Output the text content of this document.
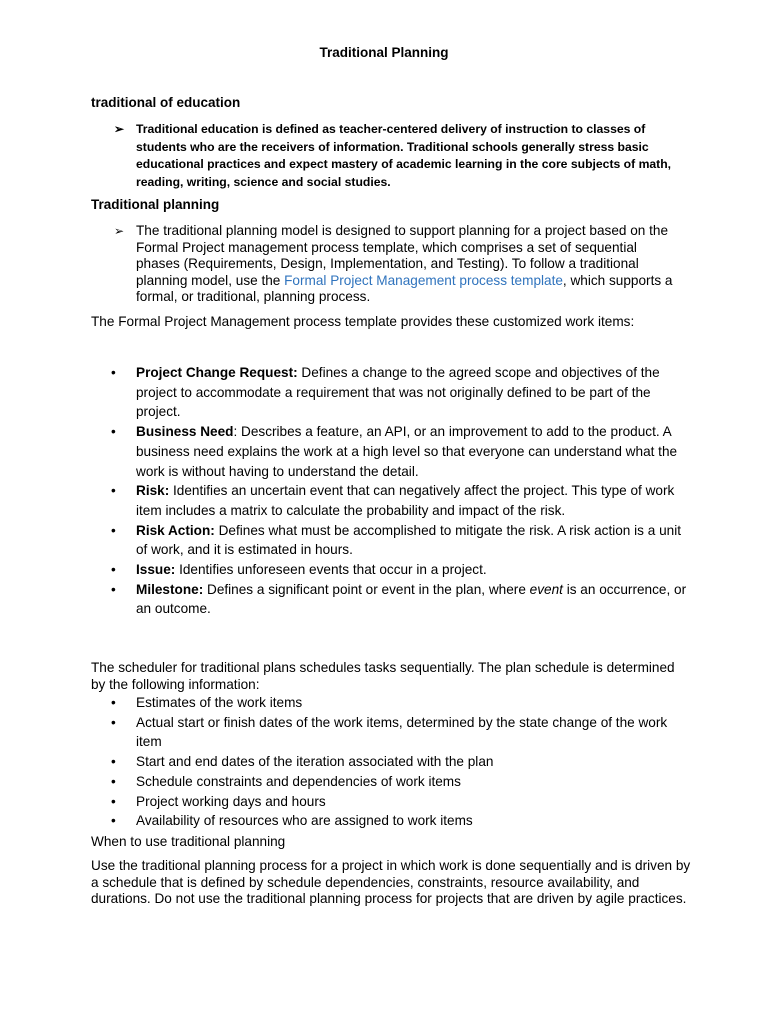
Traditional Planning
traditional of education
➢ Traditional education is defined as teacher-centered delivery of instruction to classes of students who are the receivers of information. Traditional schools generally stress basic educational practices and expect mastery of academic learning in the core subjects of math, reading, writing, science and social studies.
Traditional planning
➢ The traditional planning model is designed to support planning for a project based on the Formal Project management process template, which comprises a set of sequential phases (Requirements, Design, Implementation, and Testing). To follow a traditional planning model, use the Formal Project Management process template, which supports a formal, or traditional, planning process.
The Formal Project Management process template provides these customized work items:
• Project Change Request: Defines a change to the agreed scope and objectives of the project to accommodate a requirement that was not originally defined to be part of the project.
• Business Need: Describes a feature, an API, or an improvement to add to the product. A business need explains the work at a high level so that everyone can understand what the work is without having to understand the detail.
• Risk: Identifies an uncertain event that can negatively affect the project. This type of work item includes a matrix to calculate the probability and impact of the risk.
• Risk Action: Defines what must be accomplished to mitigate the risk. A risk action is a unit of work, and it is estimated in hours.
• Issue: Identifies unforeseen events that occur in a project.
• Milestone: Defines a significant point or event in the plan, where event is an occurrence, or an outcome.
The scheduler for traditional plans schedules tasks sequentially. The plan schedule is determined by the following information:
• Estimates of the work items
• Actual start or finish dates of the work items, determined by the state change of the work item
• Start and end dates of the iteration associated with the plan
• Schedule constraints and dependencies of work items
• Project working days and hours
• Availability of resources who are assigned to work items
When to use traditional planning
Use the traditional planning process for a project in which work is done sequentially and is driven by a schedule that is defined by schedule dependencies, constraints, resource availability, and durations. Do not use the traditional planning process for projects that are driven by agile practices.
